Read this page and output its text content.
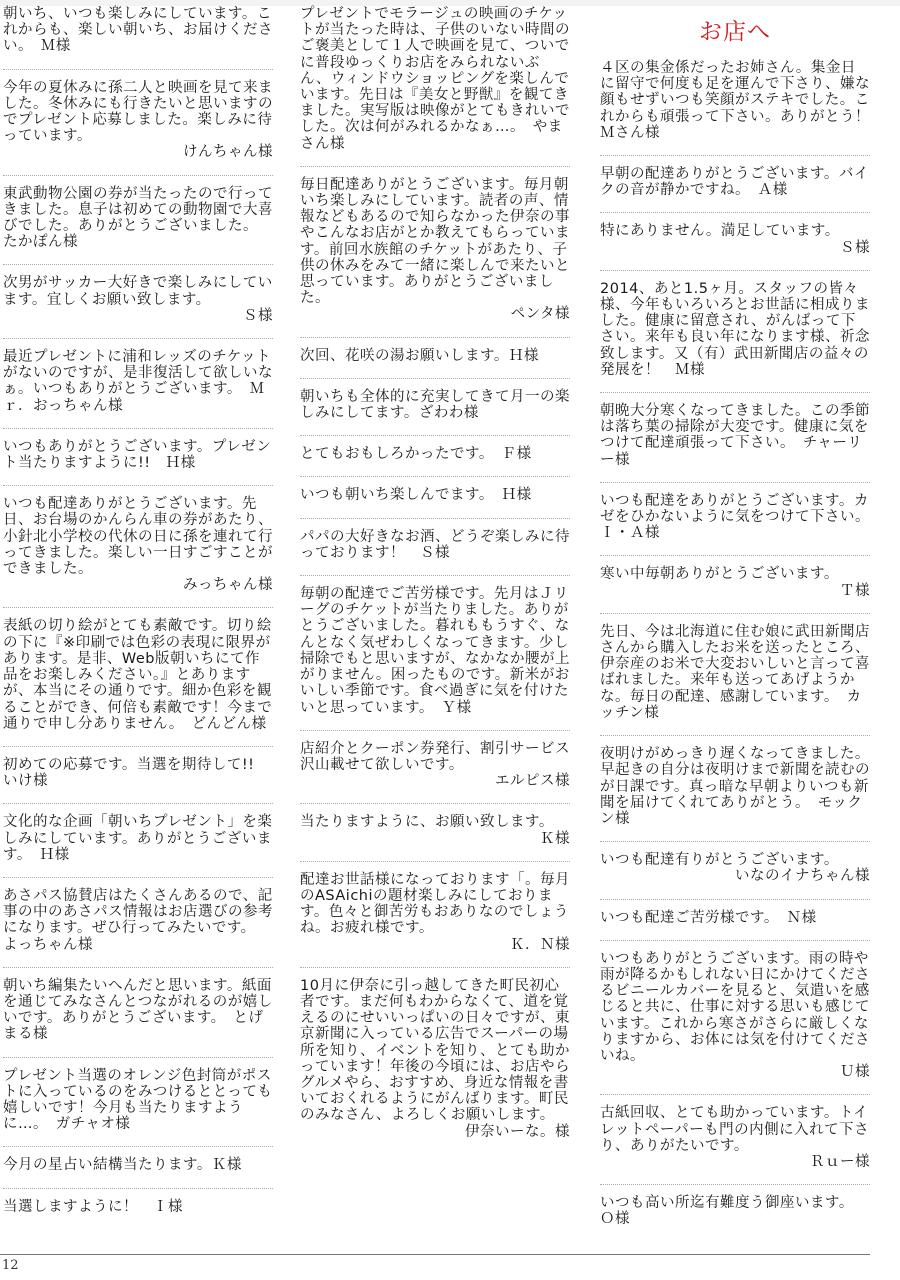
朝いち、いつも楽しみにしています。これからも、楽しい朝いち、お届けください。　Ｍ様
今年の夏休みに孫二人と映画を見て来ました。冬休みにも行きたいと思いますのでプレゼント応募しました。楽しみに待っています。
けんちゃん様
東武動物公園の券が当たったので行ってきました。息子は初めての動物園で大喜びでした。ありがとうございました。　たかぽん様
次男がサッカー大好きで楽しみにしています。宜しくお願い致します。
Ｓ様
最近プレゼントに浦和レッズのチケットがないのですが、是非復活して欲しいなぁ。いつもありがとうございます。　Ｍｒ．おっちゃん様
いつもありがとうございます。プレゼント当たりますように!!　Ｈ様
いつも配達ありがとうございます。先日、お台場のかんらん車の券があたり、小針北小学校の代休の日に孫を連れて行ってきました。楽しい一日すごすことができました。
みっちゃん様
表紙の切り絵がとても素敵です。切り絵の下に『※印刷では色彩の表現に限界があります。是非、Web版朝いちにて作品をお楽しみください。』とありますが、本当にその通りです。細か色彩を観ることができ、何倍も素敵です！今まで通りで申し分ありません。　どんどん様
初めての応募です。当選を期待して!!　いけ様
文化的な企画「朝いちプレゼント」を楽しみにしています。ありがとうございます。　Ｈ様
あさパス協賛店はたくさんあるので、記事の中のあさパス情報はお店選びの参考になります。ぜひ行ってみたいです。　よっちゃん様
朝いち編集たいへんだと思います。紙面を通じてみなさんとつながれるのが嬉しいです。ありがとうございます。　とげまる様
プレゼント当選のオレンジ色封筒がポストに入っているのをみつけるととっても嬉しいです！今月も当たりますように…。　ガチャオ様
今月の星占い結構当たります。Ｋ様
当選しますように！　Ｉ様
プレゼントでモラージュの映画のチケットが当たった時は、子供のいない時間のご褒美として１人で映画を見て、ついでに普段ゆっくりお店をみられないぶん、ウィンドウショッピングを楽しんでいます。先日は『美女と野獣』を観てきました。実写版は映像がとてもきれいでした。次は何がみれるかなぁ…。　やまさん様
毎日配達ありがとうございます。毎月朝いち楽しみにしています。読者の声、情報などもあるので知らなかった伊奈の事やこんなお店がとか教えてもらっています。前回水族館のチケットがあたり、子供の休みをみて一緒に楽しんで来たいと思っています。ありがとうございました。
ペンタ様
次回、花咲の湯お願いします。Ｈ様
朝いちも全体的に充実してきて月一の楽しみにしてます。ざわわ様
とてもおもしろかったです。　Ｆ様
いつも朝いち楽しんでます。　Ｈ様
パパの大好きなお酒、どうぞ楽しみに待っております！　Ｓ様
毎朝の配達でご苦労様です。先月はＪリーグのチケットが当たりました。ありがとうございました。暮れももうすぐ、なんとなく気ぜわしくなってきます。少し掃除でもと思いますが、なかなか腰が上がりません。困ったものです。新米がおいしい季節です。食べ過ぎに気を付けたいと思っています。　Ｙ様
店紹介とクーポン券発行、割引サービス沢山載せて欲しいです。
エルピス様
当たりますように、お願い致します。
Ｋ様
配達お世話様になっております「。毎月のASAichiの題材楽しみにしております。色々と御苦労もおありなのでしょうね。お疲れ様です。
Ｋ．Ｎ様
10月に伊奈に引っ越してきた町民初心者です。まだ何もわからなくて、道を覚えるのにせいいっぱいの日々ですが、東京新聞に入っている広告でスーパーの場所を知り、イベントを知り、とても助かっています！年後の今頃には、お店やらグルメやら、おすすめ、身近な情報を書いておくれるようにがんばります。町民のみなさん、よろしくお願いします。
伊奈いーな。様
お店へ
４区の集金係だったお姉さん。集金日に留守で何度も足を運んで下さり、嫌な顔もせずいつも笑顔がステキでした。これからも頑張って下さい。ありがとう！　Ｍさん様
早朝の配達ありがとうございます。バイクの音が静かですね。　Ａ様
特にありません。満足しています。
Ｓ様
2014、あと1.5ヶ月。スタッフの皆々様、今年もいろいろとお世話に相成りました。健康に留意され、がんばって下さい。来年も良い年になります様、祈念致します。又（有）武田新聞店の益々の発展を！　Ｍ様
朝晩大分寒くなってきました。この季節は落ち葉の掃除が大変です。健康に気をつけて配達頑張って下さい。　チャーリー様
いつも配達をありがとうございます。カゼをひかないように気をつけて下さい。　Ｉ・Ａ様
寒い中毎朝ありがとうございます。
Ｔ様
先日、今は北海道に住む娘に武田新聞店さんから購入したお米を送ったところ、伊奈産のお米で大変おいしいと言って喜ばれました。来年も送ってあげようかな。毎日の配達、感謝しています。　カッチン様
夜明けがめっきり遅くなってきました。早起きの自分は夜明けまで新聞を読むのが日課です。真っ暗な早朝よりいつも新聞を届けてくれてありがとう。　モックン様
いつも配達有りがとうございます。
いなのイナちゃん様
いつも配達ご苦労様です。　Ｎ様
いつもありがとうございます。雨の時や雨が降るかもしれない日にかけてくださるビニールカバーを見ると、気遣いを感じると共に、仕事に対する思いも感じています。これから寒さがさらに厳しくなりますから、お体には気を付けてくださいね。
Ｕ様
古紙回収、とても助かっています。トイレットペーパーも門の内側に入れて下さり、ありがたいです。
Ｒｕー様
いつも高い所迄有難度う御座います。　Ｏ様
12
